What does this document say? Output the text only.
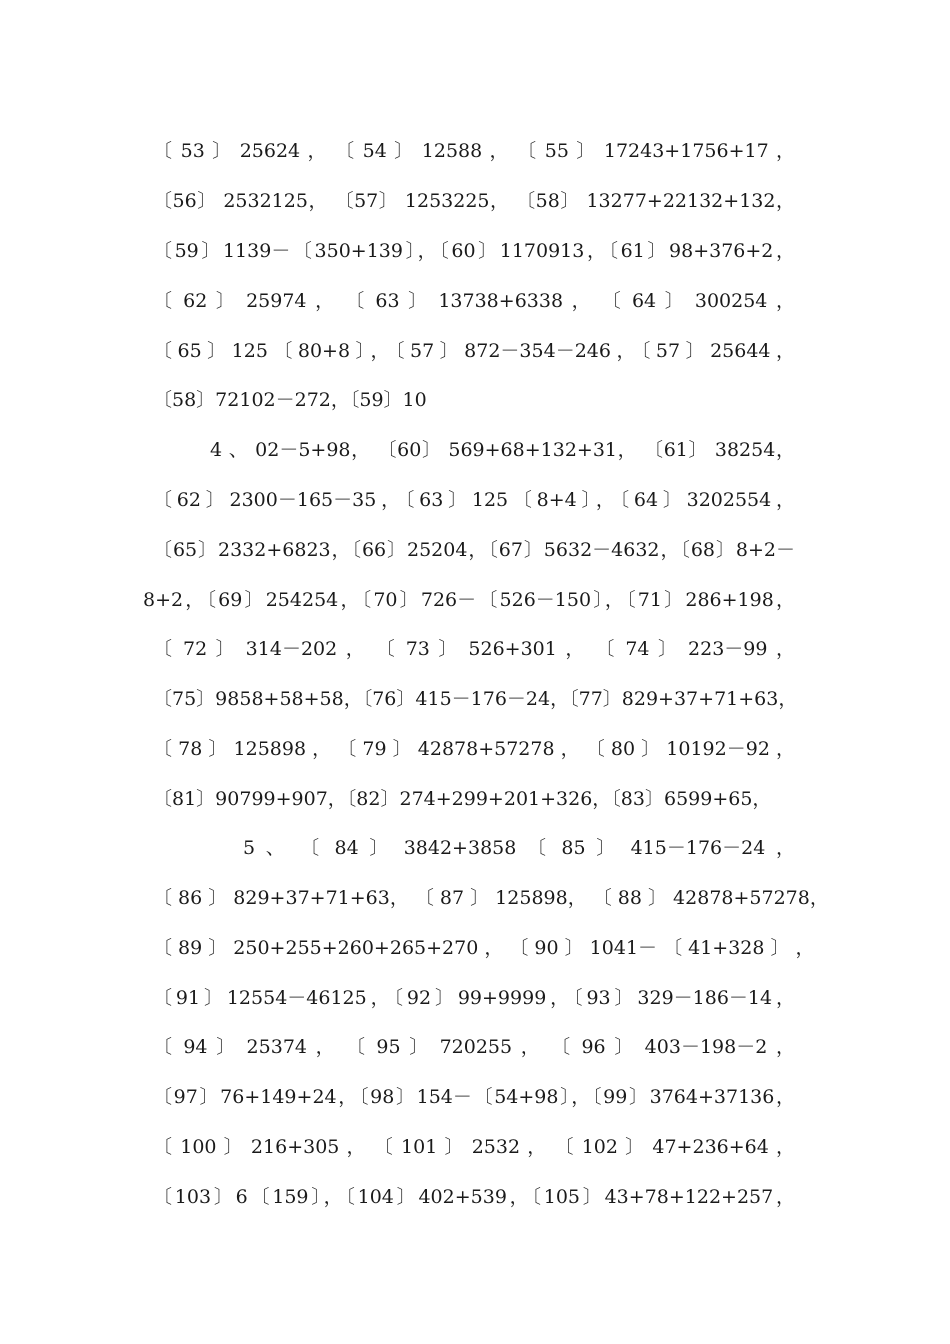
〔 53 〕 25624 ， 〔 54 〕 12588 ， 〔 55 〕 17243+1756+17 ，
〔56〕 2532125， 〔57〕 1253225， 〔58〕 13277+22132+132，
〔59〕1139－〔350+139〕，〔60〕1170913，〔61〕98+376+2，
〔 62 〕 25974 ， 〔 63 〕 13738+6338 ， 〔 64 〕 300254 ，
〔65〕125〔80+8〕，〔57〕872－354－246，〔57〕25644，
〔58〕72102－272，〔59〕10
4 、 02－5+98， 〔60〕 569+68+132+31， 〔61〕 38254，
〔62〕2300－165－35，〔63〕125〔8+4〕，〔64〕3202554，
〔65〕2332+6823，〔66〕25204，〔67〕5632－4632，〔68〕8+2－
8+2，〔69〕254254，〔70〕726－〔526－150〕，〔71〕286+198，
〔 72 〕 314－202 ， 〔 73 〕 526+301 ， 〔 74 〕 223－99 ，
〔75〕9858+58+58，〔76〕415－176－24，〔77〕829+37+71+63，
〔 78 〕 125898 ， 〔 79 〕 42878+57278 ， 〔 80 〕 10192－92 ，
〔81〕90799+907，〔82〕274+299+201+326，〔83〕6599+65，
5 、 〔 84 〕 3842+3858 〔 85 〕 415－176－24 ，
〔 86 〕 829+37+71+63， 〔 87 〕 125898， 〔 88 〕 42878+57278，
〔 89 〕 250+255+260+265+270 ， 〔 90 〕 1041－ 〔 41+328 〕 ，
〔91〕12554－46125，〔92〕99+9999，〔93〕329－186－14，
〔 94 〕 25374 ， 〔 95 〕 720255 ， 〔 96 〕 403－198－2 ，
〔97〕76+149+24，〔98〕154－〔54+98〕，〔99〕3764+37136，
〔 100 〕 216+305 ， 〔 101 〕 2532 ， 〔 102 〕 47+236+64 ，
〔103〕6〔159〕，〔104〕402+539，〔105〕43+78+122+257，
